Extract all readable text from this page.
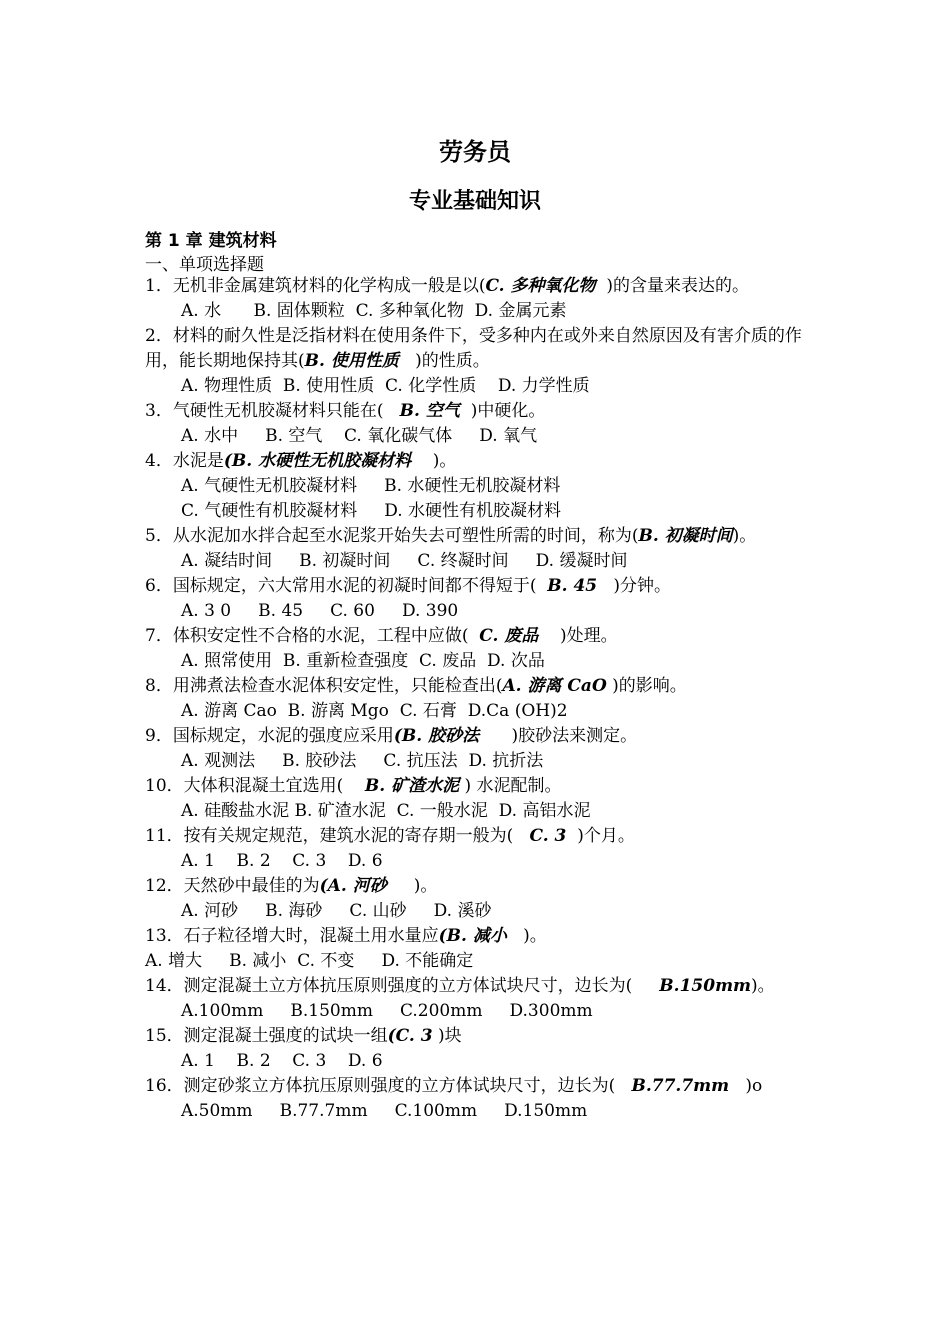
劳务员
专业基础知识
第 1 章 建筑材料
一、单项选择题
1．无机非金属建筑材料的化学构成一般是以(C. 多种氧化物  )的含量来表达的。
A. 水      B. 固体颗粒  C. 多种氧化物  D. 金属元素
2．材料的耐久性是泛指材料在使用条件下，受多种内在或外来自然原因及有害介质的作用，能长期地保持其(B. 使用性质   )的性质。
A. 物理性质  B. 使用性质  C. 化学性质    D. 力学性质
3．气硬性无机胶凝材料只能在(   B. 空气  )中硬化。
A. 水中     B. 空气    C. 氧化碳气体     D. 氧气
4．水泥是(B. 水硬性无机胶凝材料    )。
A. 气硬性无机胶凝材料     B. 水硬性无机胶凝材料
C. 气硬性有机胶凝材料     D. 水硬性有机胶凝材料
5．从水泥加水拌合起至水泥浆开始失去可塑性所需的时间，称为(B. 初凝时间)。
A. 凝结时间     B. 初凝时间     C. 终凝时间     D. 缓凝时间
6．国标规定，六大常用水泥的初凝时间都不得短于(  B. 45   )分钟。
A. 3 0     B. 45     C. 60     D. 390
7．体积安定性不合格的水泥，工程中应做(  C. 废品    )处理。
A. 照常使用  B. 重新检查强度  C. 废品  D. 次品
8．用沸煮法检查水泥体积安定性，只能检查出(A. 游离 CaO )的影响。
A. 游离 Cao  B. 游离 Mgo  C. 石膏  D.Ca (OH)2
9．国标规定，水泥的强度应采用(B. 胶砂法      )胶砂法来测定。
A. 观测法     B. 胶砂法     C. 抗压法  D. 抗折法
10．大体积混凝土宜选用(    B. 矿渣水泥 ) 水泥配制。
A. 硅酸盐水泥 B. 矿渣水泥  C. 一般水泥  D. 高铝水泥
11．按有关规定规范，建筑水泥的寄存期一般为(   C. 3  )个月。
A. 1    B. 2    C. 3    D. 6
12．天然砂中最佳的为(A. 河砂     )。
A. 河砂     B. 海砂     C. 山砂     D. 溪砂
13．石子粒径增大时，混凝土用水量应(B. 减小   )。
A. 增大     B. 减小  C. 不变     D. 不能确定
14．测定混凝土立方体抗压原则强度的立方体试块尺寸，边长为(     B.150mm)。
A.100mm     B.150mm     C.200mm     D.300mm
15．测定混凝土强度的试块一组(C. 3 )块
A. 1    B. 2    C. 3    D. 6
16．测定砂浆立方体抗压原则强度的立方体试块尺寸，边长为(   B.77.7mm   )o
A.50mm     B.77.7mm     C.100mm     D.150mm
